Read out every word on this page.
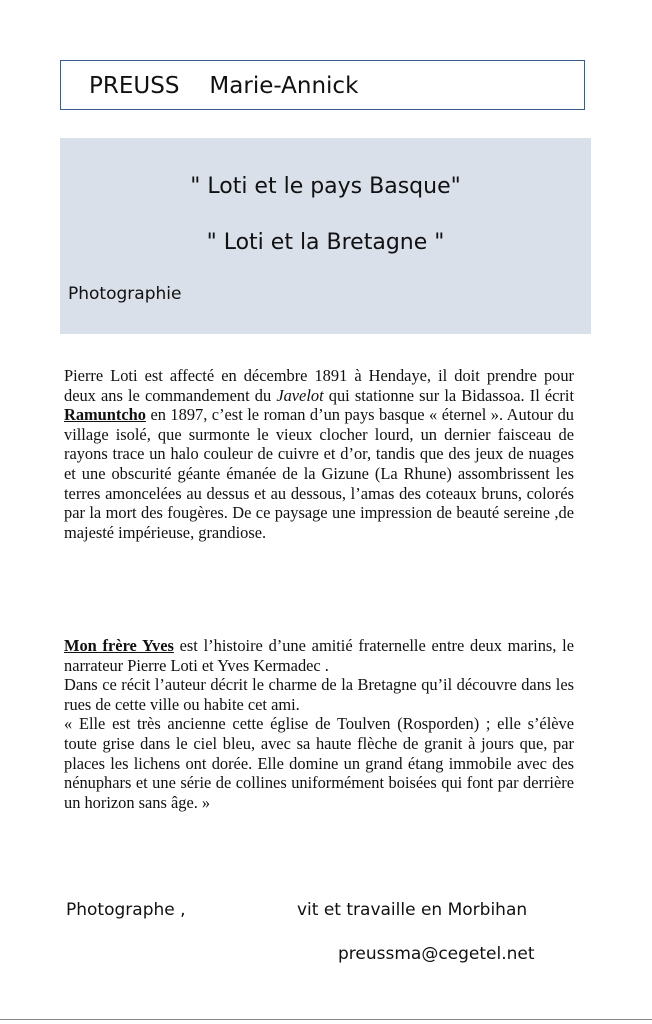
PREUSS Marie-Annick
" Loti et le pays Basque"
" Loti et la Bretagne "
Photographie
Pierre Loti est affecté en décembre 1891 à Hendaye, il doit prendre pour deux ans le commandement du Javelot qui stationne sur la Bidassoa. Il écrit Ramuntcho en 1897, c’est le roman d’un pays basque « éternel ». Autour du village isolé, que surmonte le vieux clocher lourd, un dernier faisceau de rayons trace un halo couleur de cuivre et d’or, tandis que des jeux de nuages et une obscurité géante émanée de la Gizune (La Rhune) assombrissent les terres amoncelées au dessus et au dessous, l’amas des coteaux bruns, colorés par la mort des fougères. De ce paysage une impression de beauté sereine ,de majesté impérieuse, grandiose.
Mon frère Yves est l’histoire d’une amitié fraternelle entre deux marins, le narrateur Pierre Loti et Yves Kermadec .
Dans ce récit l’auteur décrit le charme de la Bretagne qu’il découvre dans les rues de cette ville ou habite cet ami.
« Elle est très ancienne cette église de Toulven (Rosporden) ; elle s’élève toute grise dans le ciel bleu, avec sa haute flèche de granit à jours que, par places les lichens ont dorée. Elle domine un grand étang immobile avec des nénuphars et une série de collines uniformément boisées qui font par derrière un horizon sans âge. »
Photographe ,	vit et travaille en Morbihan
preussma@cegetel.net
